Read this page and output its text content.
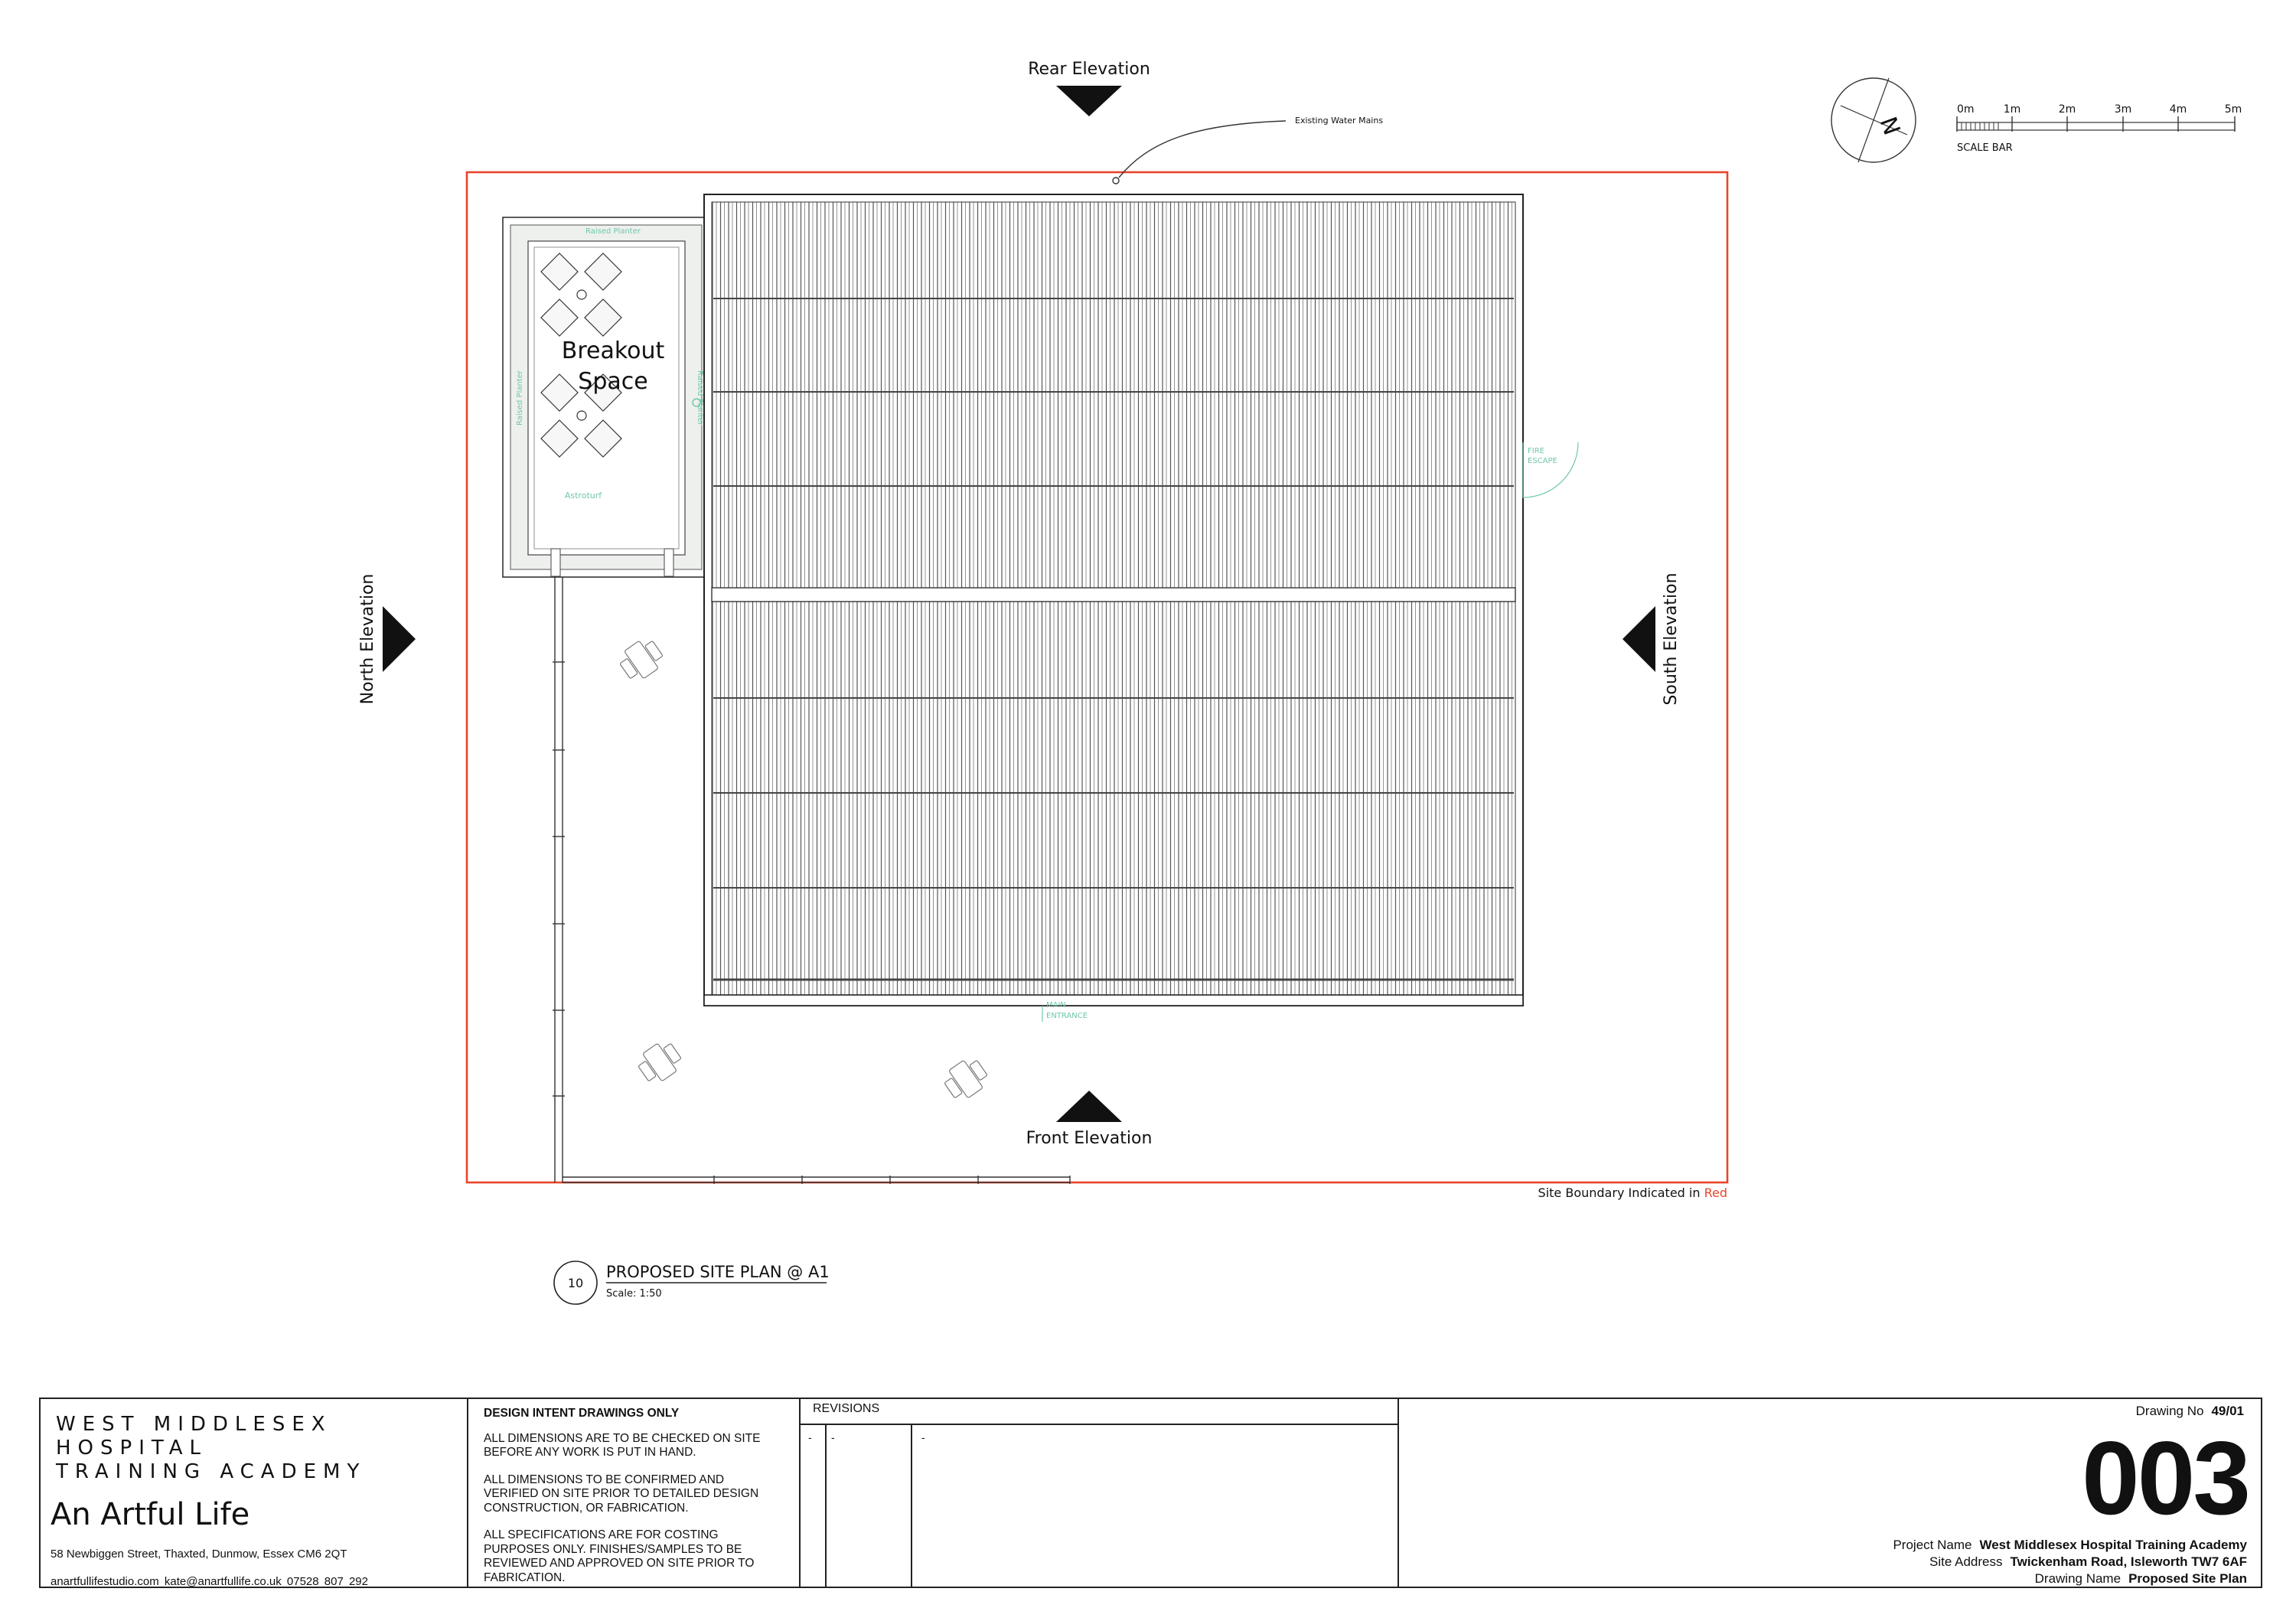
Rear Elevation
Front Elevation
North Elevation	South Elevation
Existing Water Mains
Breakout
Space
Raised Planter
Raised Planter	Raised Planter
Astroturf
FIRE
ESCAPE
MAIN
ENTRANCE
Site Boundary Indicated in Red
N
0m	1m	2m	3m	4m	5m
SCALE BAR
10
PROPOSED SITE PLAN @ A1
Scale: 1:50
WEST MIDDLESEX HOSPITAL
TRAINING ACADEMY
An Artful Life
58 Newbiggen Street, Thaxted, Dunmow, Essex CM6 2QT
anartfullifestudio.com kate@anartfullife.co.uk 07528 807 292
DESIGN INTENT DRAWINGS ONLY
ALL DIMENSIONS ARE TO BE CHECKED ON SITE BEFORE ANY WORK IS PUT IN HAND.
ALL DIMENSIONS TO BE CONFIRMED AND VERIFIED ON SITE PRIOR TO DETAILED DESIGN CONSTRUCTION, OR FABRICATION.
ALL SPECIFICATIONS ARE FOR COSTING PURPOSES ONLY. FINISHES/SAMPLES TO BE REVIEWED AND APPROVED ON SITE PRIOR TO FABRICATION.
REVISIONS
- -	-
Drawing No 49/01
003
Project Name West Middlesex Hospital Training Academy
Site Address Twickenham Road, Isleworth TW7 6AF
Drawing Name Proposed Site Plan
